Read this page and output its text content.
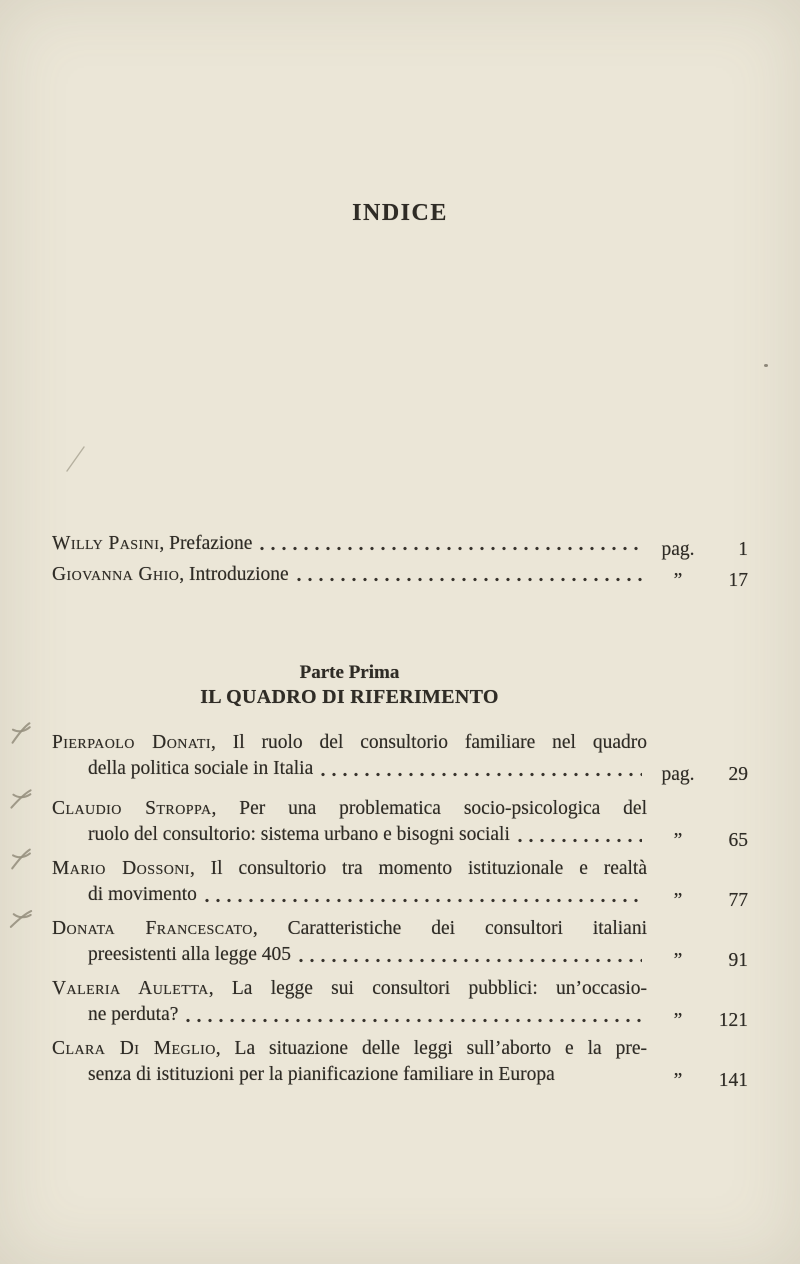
INDICE
Willy Pasini , Prefazione	pag.	1
Giovanna Ghio , Introduzione	”	17
Parte Prima
IL QUADRO DI RIFERIMENTO
Pierpaolo Donati, Il ruolo del consultorio familiare nel quadro
della politica sociale in Italia	pag.	29
Claudio Stroppa, Per una problematica socio-psicologica del
ruolo del consultorio: sistema urbano e bisogni sociali	”	65
Mario Dossoni, Il consultorio tra momento istituzionale e realtà
di movimento	”	77
Donata Francescato, Caratteristiche dei consultori italiani
preesistenti alla legge 405	”	91
Valeria Auletta, La legge sui consultori pubblici: un’occasio-
ne perduta?	”	121
Clara Di Meglio, La situazione delle leggi sull’aborto e la pre-
senza di istituzioni per la pianificazione familiare in Europa	”	141
